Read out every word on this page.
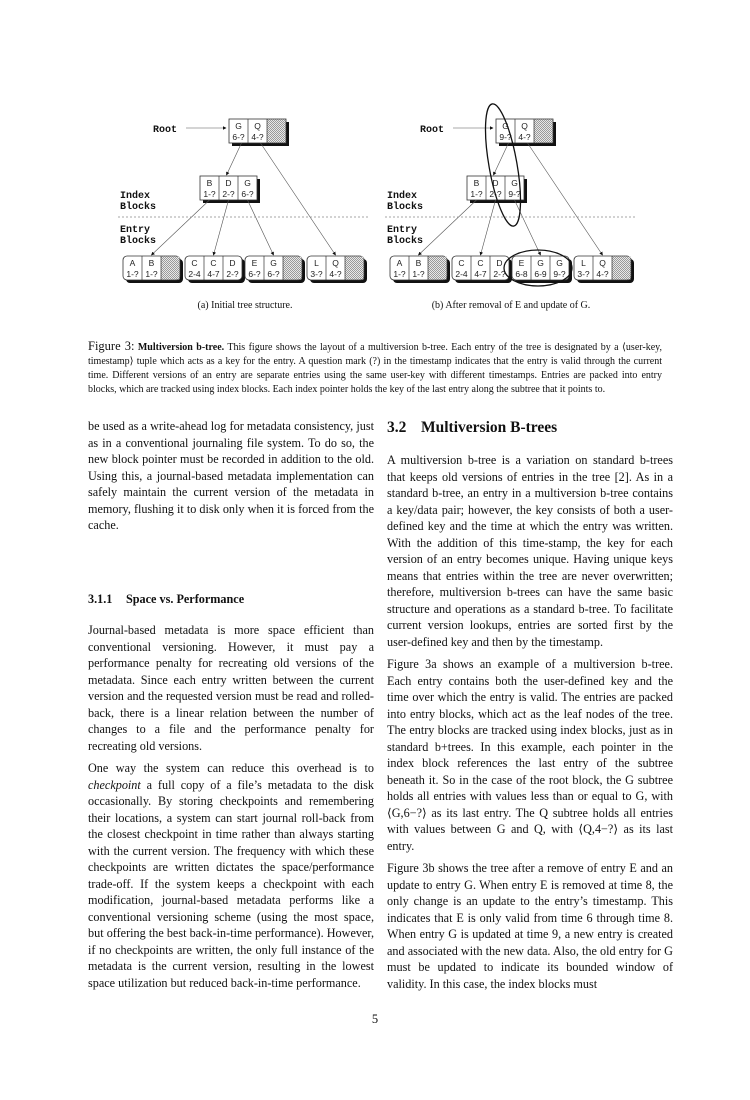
Root
Index
Blocks
Entry
Blocks
G
6-?
Q
4-?
B
1-?
D
2-?
G
6-?
A
1-?
B
1-?
C
2-4
C
4-7
D
2-?
E
6-?
G
6-?
L
3-?
Q
4-?
Root
Index
Blocks
Entry
Blocks
G
9-?
Q
4-?
B
1-?
D
2-?
G
9-?
A
1-?
B
1-?
C
2-4
C
4-7
D
2-?
E
6-8
G
6-9
G
9-?
L
3-?
Q
4-?
(a) Initial tree structure.	(b) After removal of E and update of G.
Figure 3: Multiversion b-tree. This figure shows the layout of a multiversion b-tree. Each entry of the tree is designated by a ⟨user-key, timestamp⟩ tuple which acts as a key for the entry. A question mark (?) in the timestamp indicates that the entry is valid through the current time. Different versions of an entry are separate entries using the same user-key with different timestamps. Entries are packed into entry blocks, which are tracked using index blocks. Each index pointer holds the key of the last entry along the subtree that it points to.

be used as a write-ahead log for metadata consistency, just as in a conventional journaling file system. To do so, the new block pointer must be recorded in addition to the old. Using this, a journal-based metadata implementation can safely maintain the current version of the metadata in memory, flushing it to disk only when it is forced from the cache.

3.1.1 Space vs. Performance

Journal-based metadata is more space efficient than conventional versioning. However, it must pay a performance penalty for recreating old versions of the metadata. Since each entry written between the current version and the requested version must be read and rolled-back, there is a linear relation between the number of changes to a file and the performance penalty for recreating old versions.

One way the system can reduce this overhead is to checkpoint a full copy of a file’s metadata to the disk occasionally. By storing checkpoints and remembering their locations, a system can start journal roll-back from the closest checkpoint in time rather than always starting with the current version. The frequency with which these checkpoints are written dictates the space/performance trade-off. If the system keeps a checkpoint with each modification, journal-based metadata performs like a conventional versioning scheme (using the most space, but offering the best back-in-time performance). However, if no checkpoints are written, the only full instance of the metadata is the current version, resulting in the lowest space utilization but reduced back-in-time performance.

3.2 Multiversion B-trees

A multiversion b-tree is a variation on standard b-trees that keeps old versions of entries in the tree [2]. As in a standard b-tree, an entry in a multiversion b-tree contains a key/data pair; however, the key consists of both a user-defined key and the time at which the entry was written. With the addition of this time-stamp, the key for each version of an entry becomes unique. Having unique keys means that entries within the tree are never overwritten; therefore, multiversion b-trees can have the same basic structure and operations as a standard b-tree. To facilitate current version lookups, entries are sorted first by the user-defined key and then by the timestamp.

Figure 3a shows an example of a multiversion b-tree. Each entry contains both the user-defined key and the time over which the entry is valid. The entries are packed into entry blocks, which act as the leaf nodes of the tree. The entry blocks are tracked using index blocks, just as in standard b+trees. In this example, each pointer in the index block references the last entry of the subtree beneath it. So in the case of the root block, the G subtree holds all entries with values less than or equal to G, with ⟨G,6−?⟩ as its last entry. The Q subtree holds all entries with values between G and Q, with ⟨Q,4−?⟩ as its last entry.

Figure 3b shows the tree after a remove of entry E and an update to entry G. When entry E is removed at time 8, the only change is an update to the entry’s timestamp. This indicates that E is only valid from time 6 through time 8. When entry G is updated at time 9, a new entry is created and associated with the new data. Also, the old entry for G must be updated to indicate its bounded window of validity. In this case, the index blocks must

5
